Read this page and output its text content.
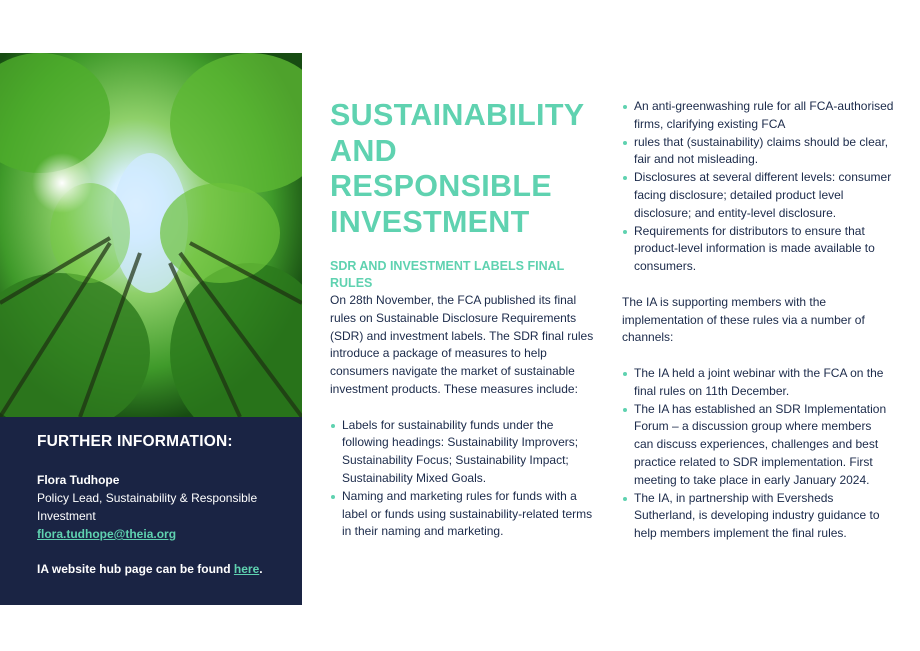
FURTHER INFORMATION:

Flora Tudhope

Policy Lead, Sustainability & Responsible Investment

flora.tudhope@theia.org

IA website hub page can be found here.

SUSTAINABILITY AND RESPONSIBLE INVESTMENT
SDR AND INVESTMENT LABELS FINAL RULES

On 28th November, the FCA published its final rules on Sustainable Disclosure Requirements (SDR) and investment labels. The SDR final rules introduce a package of measures to help consumers navigate the market of sustainable investment products. These measures include:

Labels for sustainability funds under the following headings: Sustainability Improvers; Sustainability Focus; Sustainability Impact; Sustainability Mixed Goals.
Naming and marketing rules for funds with a label or funds using sustainability-related terms in their naming and marketing.
An anti-greenwashing rule for all FCA-authorised firms, clarifying existing FCA
rules that (sustainability) claims should be clear, fair and not misleading.
Disclosures at several different levels: consumer facing disclosure; detailed product level disclosure; and entity-level disclosure.
Requirements for distributors to ensure that product-level information is made available to consumers.

The IA is supporting members with the implementation of these rules via a number of channels:

The IA held a joint webinar with the FCA on the final rules on 11th December.
The IA has established an SDR Implementation Forum – a discussion group where members can discuss experiences, challenges and best practice related to SDR implementation. First meeting to take place in early January 2024.
The IA, in partnership with Eversheds Sutherland, is developing industry guidance to help members implement the final rules.
